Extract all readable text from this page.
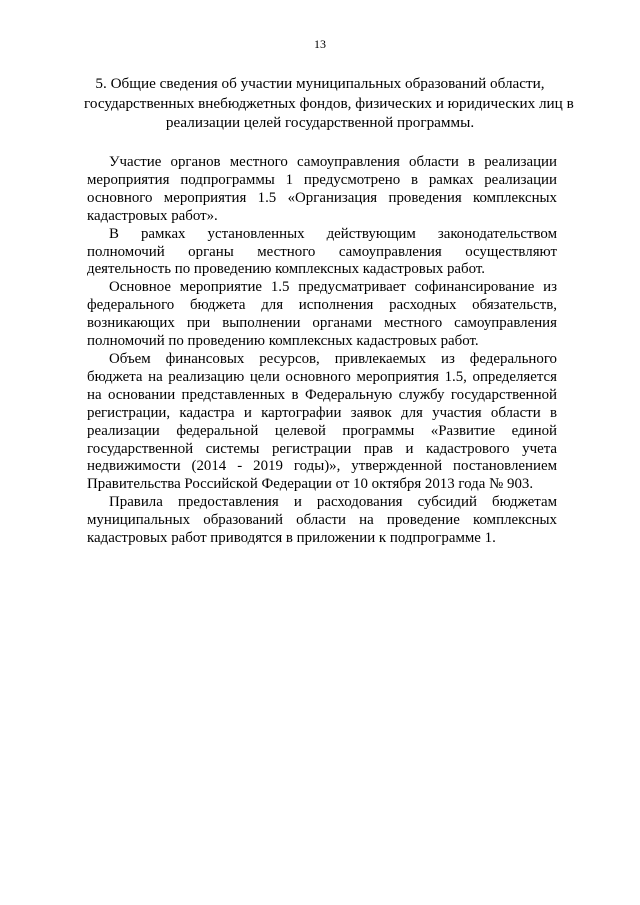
13

5. Общие сведения об участии муниципальных образований области,
государственных внебюджетных фондов, физических и юридических лиц в
реализации целей государственной программы.

Участие органов местного самоуправления области в реализации мероприятия подпрограммы 1 предусмотрено в рамках реализации основного мероприятия 1.5 «Организация проведения комплексных кадастровых работ».

В рамках установленных действующим законодательством полномочий органы местного самоуправления осуществляют деятельность по проведению комплексных кадастровых работ.

Основное мероприятие 1.5 предусматривает софинансирование из федерального бюджета для исполнения расходных обязательств, возникающих при выполнении органами местного самоуправления полномочий по проведению комплексных кадастровых работ.

Объем финансовых ресурсов, привлекаемых из федерального бюджета на реализацию цели основного мероприятия 1.5, определяется на основании представленных в Федеральную службу государственной регистрации, кадастра и картографии заявок для участия области в реализации федеральной целевой программы «Развитие единой государственной системы регистрации прав и кадастрового учета недвижимости (2014 - 2019 годы)», утвержденной постановлением Правительства Российской Федерации от 10 октября 2013 года № 903.

Правила предоставления и расходования субсидий бюджетам муниципальных образований области на проведение комплексных кадастровых работ приводятся в приложении к подпрограмме 1.
